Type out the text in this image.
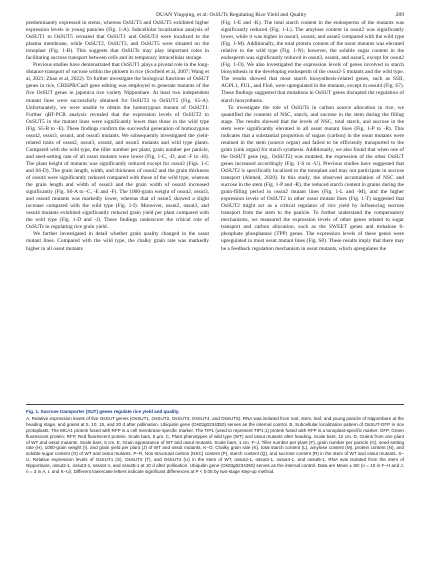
DUAN Yingqing, et al: OsSUTs Regulating Rice Yield and Quality	289

predominantly expressed in stems, whereas OsSUT3 and OsSUT5 exhibited higher expression levels in young panicles (Fig. 1-A). Subcellular localization analysis of OsSUT1 to OsSUT5 revealed that OsSUT1 and OsSUT4 were localized to the plasma membrane, while OsSUT2, OsSUT3, and OsSUT5 were situated on the tonoplast (Fig. 1-B). This suggests that OsSUTs may play important roles in facilitating sucrose transport between cells and its temporary intracellular storage.

Previous studies have demonstrated that OsSUT1 plays a pivotal role in the long-distance transport of sucrose within the phloem in rice (Scofield et al, 2007; Wang et al, 2021; Zhao et al, 2022). To further investigate the biological functions of OsSUT genes in rice, CRISPR/Cas9 gene editing was employed to generate mutants of the five OsSUT genes in japonica rice variety Nipponbare. At least two independent mutant lines were successfully obtained for OsSUT2 to OsSUT5 (Fig. S5-A). Unfortunately, we were unable to obtain the homozygous mutant of OsSUT1. Further qRT-PCR analysis revealed that the expression levels of OsSUT2 to OsSUT5 in the mutant lines were significantly lower than those in the wild type (Fig. S5-B to -E). These findings confirm the successful generation of homozygous ossut2, ossut3, ossut4, and ossut5 mutants. We subsequently investigated the yield-related traits of ossut2, ossut3, ossut4, and ossut5 mutants and wild type plants. Compared with the wild type, the tiller number per plant, grain number per panicle, and seed-setting rate of all ossut mutants were lower (Fig. 1-C, -D, and -F to -H). The plant height of mutants was significantly reduced except for ossut3 (Figs. 1-C and S6-D). The grain length, width, and thickness of ossut2 and the grain thickness of ossut4 were significantly reduced compared with those of the wild type, whereas the grain length and width of ossut3 and the grain width of ossut4 increased significantly (Fig. S6-A to -C, -E and -F). The 1000-grain weight of ossut2, ossut3, and ossut4 mutants was markedly lower, whereas that of ossut5 showed a slight increase compared with the wild type (Fig. 1-I). Moreover, ossut2, ossut3, and ossut4 mutants exhibited significantly reduced grain yield per plant compared with the wild type (Fig. 1-D and -J). These findings underscore the critical role of OsSUTs in regulating rice grain yield.

We further investigated in detail whether grain quality changed in the ossut mutant lines. Compared with the wild type, the chalky grain rate was markedly higher in all ossut mutants

(Fig. 1-E and -K). The total starch content in the endosperms of the mutants was significantly reduced (Fig. 1-L). The amylose content in ossut2 was significantly lower, while it was higher in ossut3, ossut4, and ossut5 compared with the wild type (Fig. 1-M). Additionally, the total protein content of the ossut mutants was elevated relative to the wild type (Fig. 1-N); however, the soluble sugar content in the endosperm was significantly reduced in ossut3, ossut4, and ossut5, except for ossut2 (Fig. 1-O). We also investigated the expression levels of genes involved in starch biosynthesis in the developing endosperm of the ossut2-5 mutants and the wild type. The results showed that most starch biosynthesis-related genes, such as SSII, AGPL1, PUL, and Flo6, were upregulated in the mutants, except in ossut4 (Fig. S7). These findings suggested that mutations in OsSUT genes disrupted the regulation of starch biosynthesis.

To investigate the role of OsSUTs in carbon source allocation in rice, we quantified the contents of NSC, starch, and sucrose in the stem during the filling stage. The results showed that the levels of NSC, total starch, and sucrose in the stem were significantly elevated in all ossut mutant lines (Fig. 1-P to -R). This indicates that a substantial proportion of sugars (carbon) in the ossut mutants were retained in the stem (source organ) and failed to be efficiently transported to the grain (sink organ) for starch synthesis. Additionally, we also found that when one of the OsSUT gene (eg., OsSUT2) was mutated, the expression of the other OsSUT genes increased accordingly (Fig. 1-S to -U). Previous studies have suggested that OsSUT2 is specifically localized to the tonoplast and may not participate in sucrose transport (Ahmed, 2020). In this study, the observed accumulation of NSC and sucrose in the stem (Fig. 1-P and -R), the reduced starch content in grains during the grain-filling period in ossut2 mutant lines (Fig. 1-L and -M), and the higher expression levels of OsSUT2 in other ossut mutant lines (Fig. 1-T) suggested that OsSUT2 might act as a critical regulator of rice yield by influencing sucrose transport from the stem to the panicle. To further understand the compensatory mechanisms, we measured the expression levels of other genes related to sugar transport and carbon allocation, such as the SWEET genes and trehalose 6-phosphate phosphatase (TPP) genes. The expression levels of these genes were upregulated in most ossut mutant lines (Fig. S8). These results imply that there may be a feedback regulation mechanism in ossut mutants, which upregulates the

Fig. 1. Sucrose transporter (SUT) genes regulate rice yield and quality.

A, Relative expression levels of five OsSUT genes (OsSUT1, OsSUT2, OsSUT3, OsSUT4, and OsSUT5). RNA was isolated from root, stem, leaf, and young panicle of Nipponbare at the heading stage, and grains at 5, 10, 15, and 20 d after pollination. Ubiquitin gene (Os03g0234350) serves as the internal control. B, Subcellular localization pattern of OsSUT-GFP in rice protoplasts. The MCA1 protein fused with RFP is a cell membrane-specific marker. The TIP1 (used to represent TIP1;1) protein fused with RFP is a tonoplast-specific marker. GFP, Green fluorescent protein; RFP, Red fluorescent protein. Scale bars, 5 μm. C, Plant phenotypes of wild type (WT) and ossut mutants after heading. Scale bars, 12 cm. D, Grains from one plant of WT and ossut mutants. Scale bars, 5 cm. E, Grain appearance of WT and ossut mutants. Scale bars, 1 cm. F–J, Tiller number per plant (F), grain number per panicle (G), seed-setting rate (H), 1000-grain weight (I), and grain yield per plant (J) of WT and ossut mutants. K–O, Chalky grain rate (K), total starch content (L), amylose content (M), protein content (N), and soluble sugar content (O) of WT and ossut mutants. P–R, Non-structural carbon (NSC) content (P), starch content (Q), and sucrose content (R) in the stem of WT and ossut mutants. S–U, Relative expression levels of OsSUT1 (S), OsSUT2 (T), and OsSUT4 (U) in the stem of WT, ossut2-1, ossut3-1, ossut4-1, and ossut5-1. RNA was isolated from the stem of Nipponbare, ossut2-1, ossut3-1, ossut4-1, and ossut5-1 at 10 d after pollination. Ubiquitin gene (Os03g0234350) serves as the internal control. Data are Mean ± SD (n = 10 in F–H and J, n = 3 in A, I, and K–U). Different lowercase letters indicate significant differences at P < 0.05 by two-stage step-up method.
